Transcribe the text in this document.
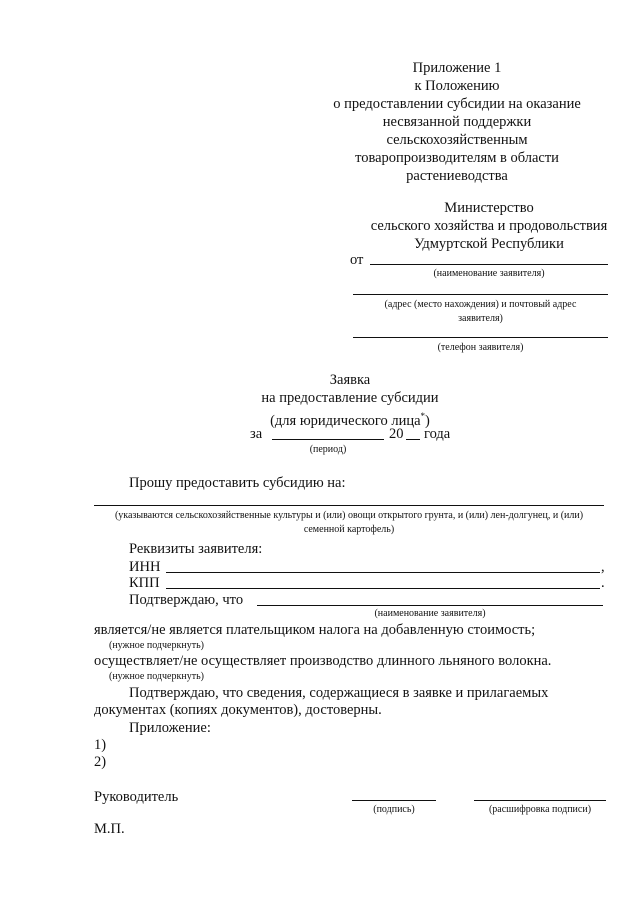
Приложение 1
к Положению
о предоставлении субсидии на оказание
несвязанной поддержки
сельскохозяйственным
товаропроизводителям в области
растениеводства
Министерство
сельского хозяйства и продовольствия
Удмуртской Республики
от
(наименование заявителя)
(адрес (место нахождения) и почтовый адрес
заявителя)
(телефон заявителя)
Заявка
на предоставление субсидии
(для юридического лица*)
за	20 года
(период)
Прошу предоставить субсидию на:
(указываются сельскохозяйственные культуры и (или) овощи открытого грунта, и (или) лен-долгунец, и (или)
семенной картофель)
Реквизиты заявителя:
ИНН	,
КПП	.
Подтверждаю, что
(наименование заявителя)
является/не является плательщиком налога на добавленную стоимость;
(нужное подчеркнуть)
осуществляет/не осуществляет производство длинного льняного волокна.
(нужное подчеркнуть)
Подтверждаю, что сведения, содержащиеся в заявке и прилагаемых
документах (копиях документов), достоверны.
Приложение:
1)
2)
Руководитель
(подпись)	(расшифровка подписи)
М.П.
